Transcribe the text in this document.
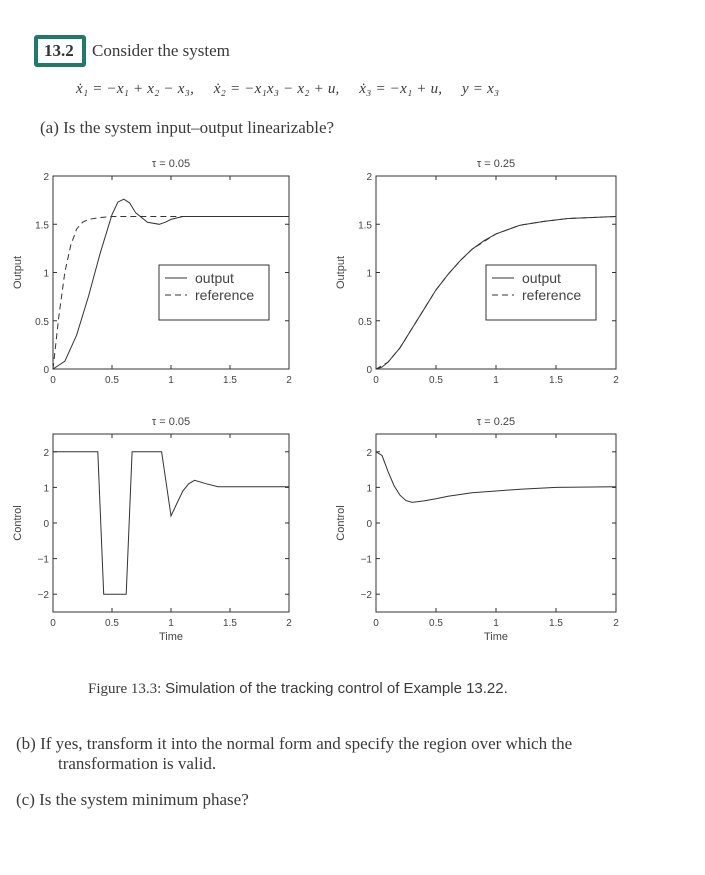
13.2 Consider the system
ẋ₁ = −x₁ + x₂ − x₃, ẋ₂ = −x₁x₃ − x₂ + u, ẋ₃ = −x₁ + u, y = x₃
(a) Is the system input–output linearizable?
τ = 0.05
0	0.5	1	1.5	2
0
0.5
1
1.5
2
Output	output
reference
τ = 0.25
0	0.5	1	1.5	2
0
0.5
1
1.5
2
Output	output
reference
τ = 0.05
0	0.5	1	1.5	2
−2
−1
0
1
2
Control
Time
τ = 0.25
0	0.5	1	1.5	2
−2
−1
0
1
2
Control
Time
Figure 13.3: Simulation of the tracking control of Example 13.22.
(b) If yes, transform it into the normal form and specify the region over which the
transformation is valid.
(c) Is the system minimum phase?
